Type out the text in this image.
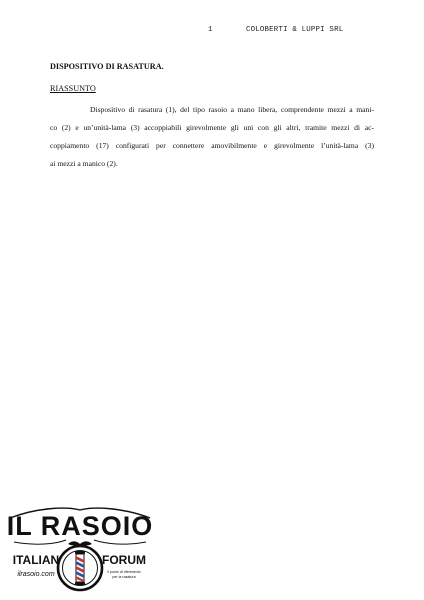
1	COLOBERTI & LUPPI SRL
DISPOSITIVO DI RASATURA.
RIASSUNTO
Dispositivo di rasatura (1), del tipo rasoio a mano libera, comprendente mezzi a mani-
co (2) e un’unità-lama (3) accoppiabili girevolmente gli uni con gli altri, tramite mezzi di ac-
coppiamento (17) configurati per connettere amovibilmente e girevolmente l’unità-lama (3)
ai mezzi a manico (2).
IL RASOIO
ITALIAN	FORUM
ilrasoio.com	il punto di riferimento
per la rasatura
